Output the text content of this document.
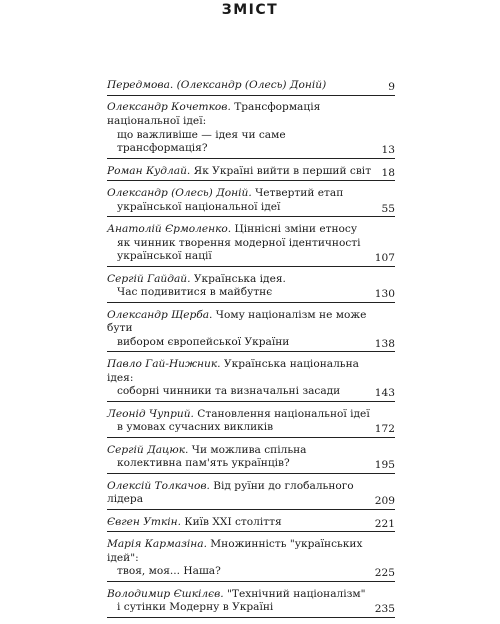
ЗМІСТ
Передмова. (Олександр (Олесь) Доній)	9
Олександр Кочетков. Трансформація національної ідеї:
що важливіше — ідея чи саме трансформація?	13
Роман Кудлай. Як Україні вийти в перший світ 18
Олександр (Олесь) Доній. Четвертий етап
української національної ідеї	55
Анатолій Єрмоленко. Ціннісні зміни етносу
як чинник творення модерної ідентичності
української нації	107
Сергій Гайдай. Українська ідея.
Час подивитися в майбутнє	130
Олександр Щерба. Чому націоналізм не може бути
вибором європейської України	138
Павло Гай-Нижник. Українська національна ідея:
соборні чинники та визначальні засади	143
Леонід Чуприй. Становлення національної ідеї
в умовах сучасних викликів	172
Сергій Дацюк. Чи можлива спільна
колективна пам'ять українців?	195
Олексій Толкачов. Від руїни до глобального лідера	209
Євген Уткін. Київ XXI століття	221
Марія Кармазіна. Множинність "українських ідей":
твоя, моя... Наша?	225
Володимир Єшкілєв. "Технічний націоналізм"
і сутінки Модерну в Україні	235
